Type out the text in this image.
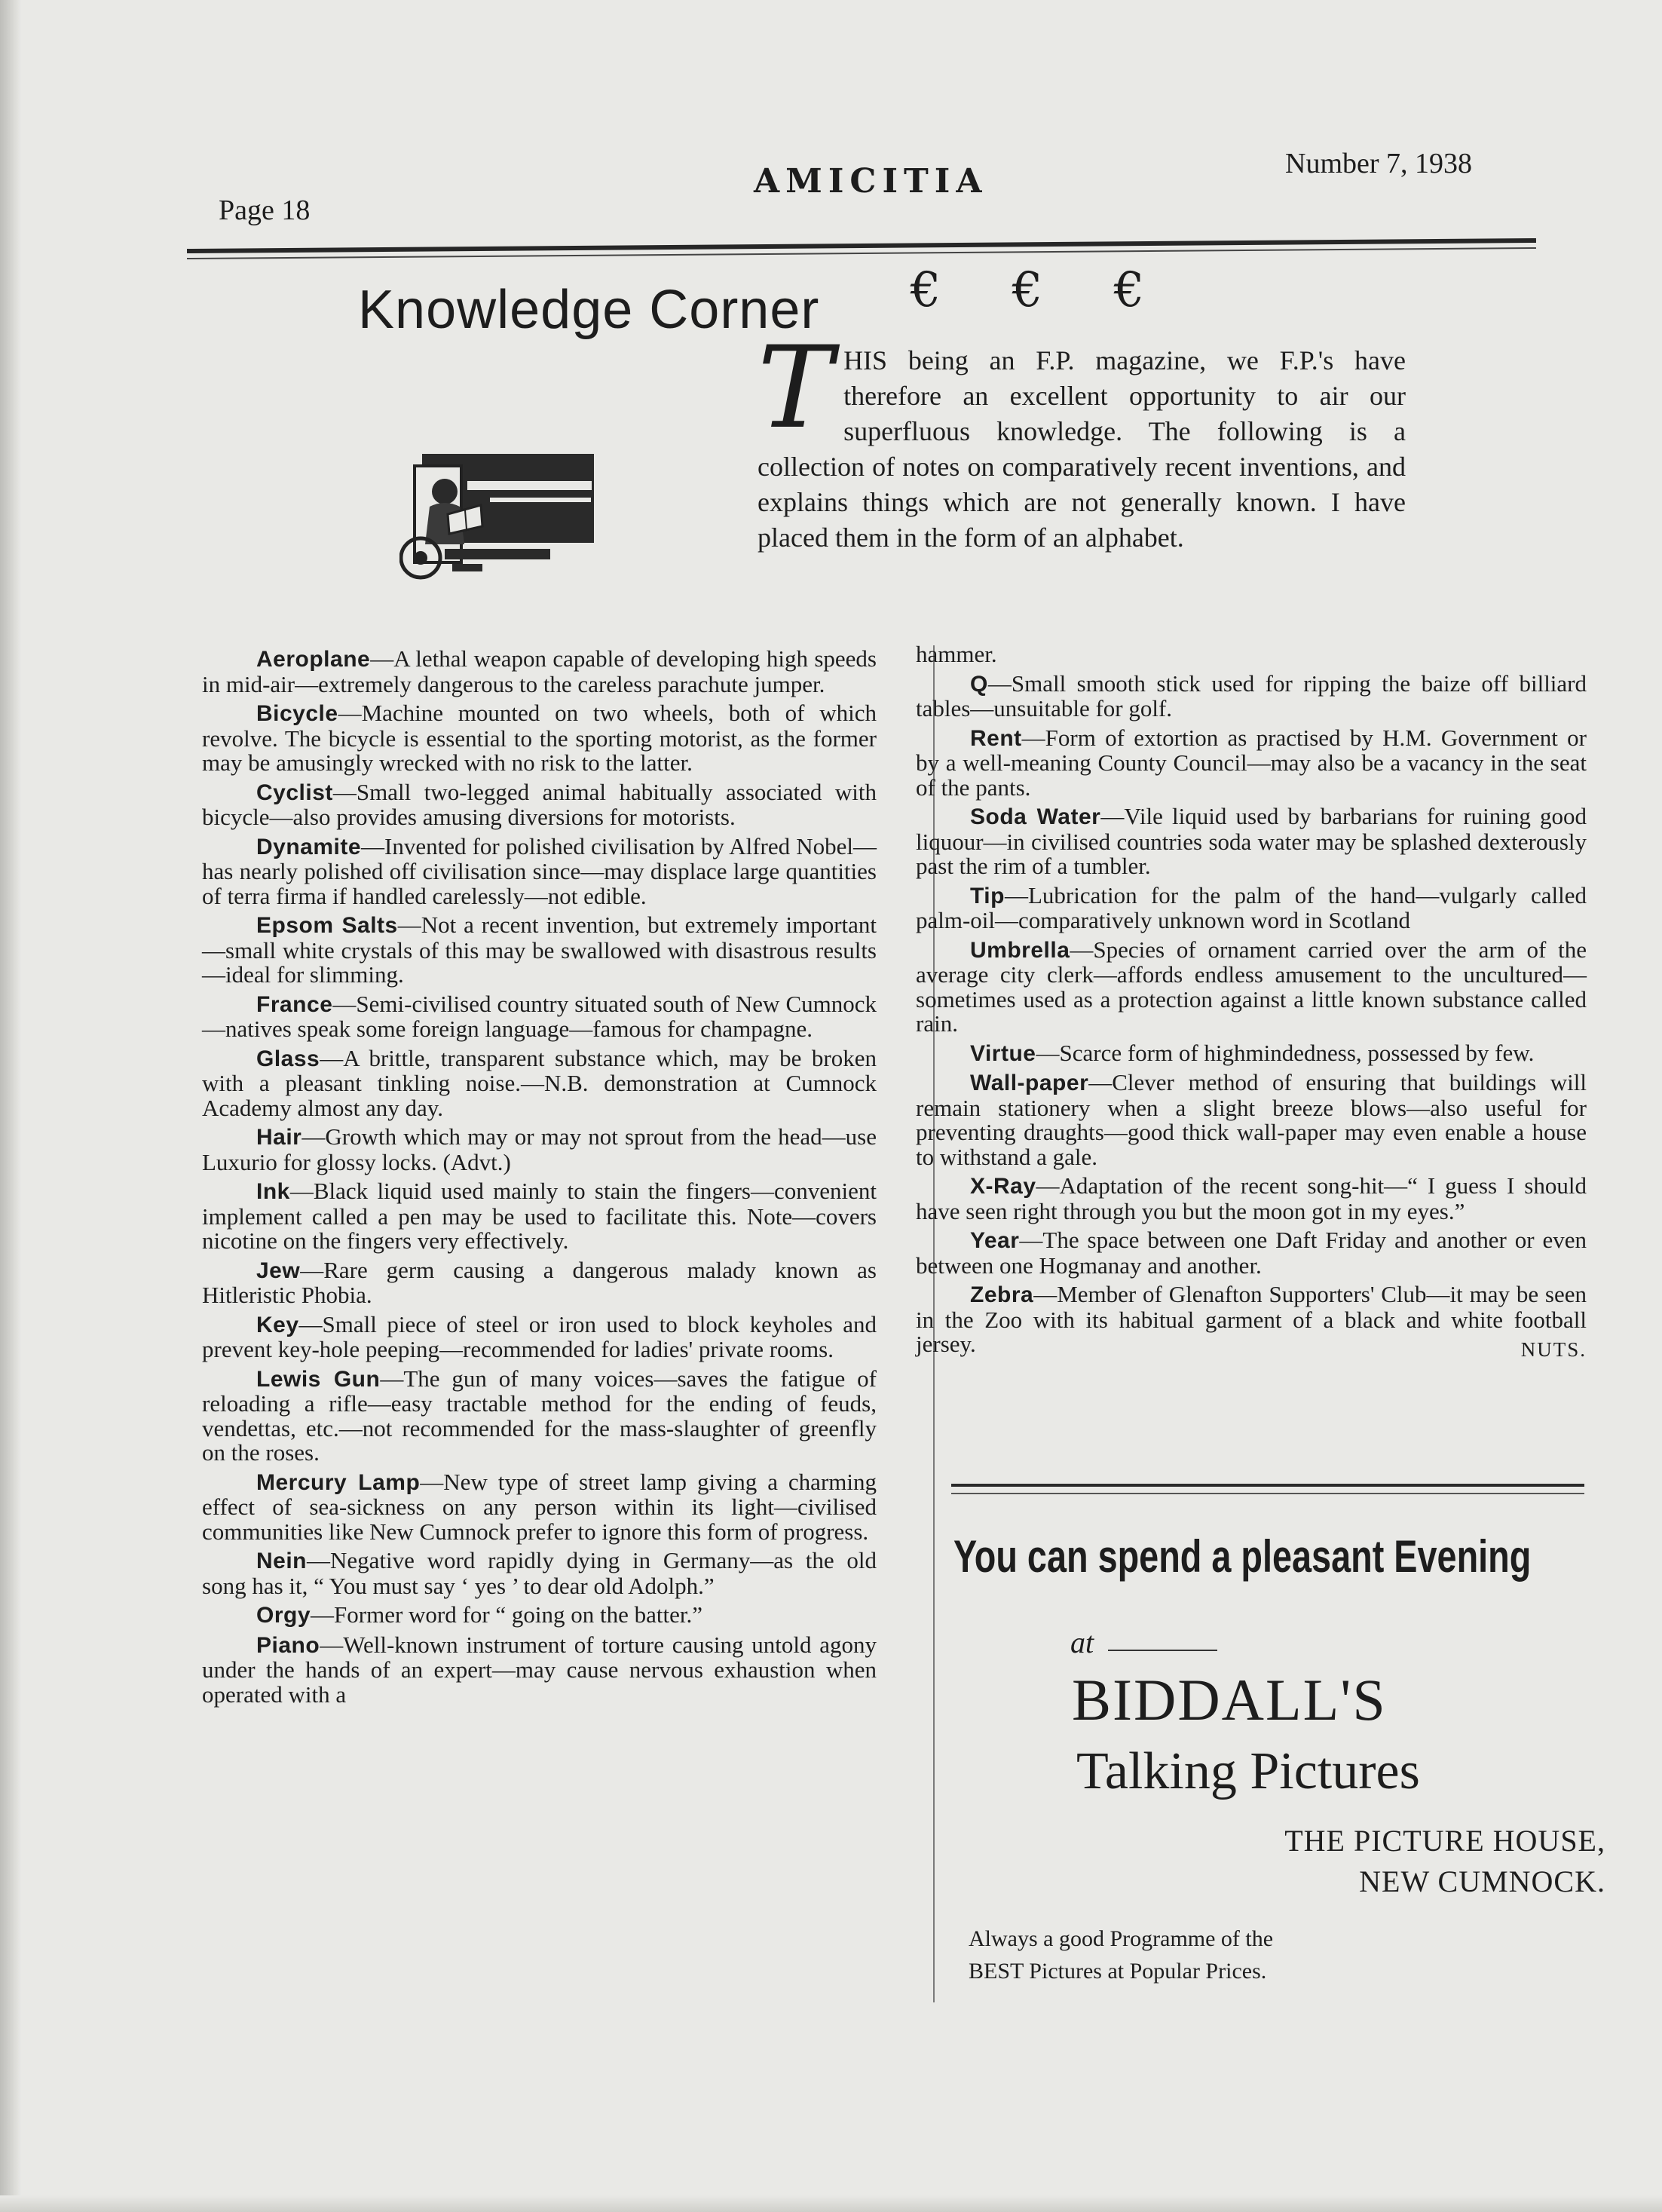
Page 18
AMICITIA	Number 7, 1938
Knowledge Corner € € €
T HIS being an F.P. magazine, we F.P.'s have therefore an excellent opportunity to air our superfluous knowledge. The following is a collection of notes on comparatively recent inventions, and explains things which are not generally known. I have placed them in the form of an alphabet.

Aeroplane—A lethal weapon capable of developing high speeds in mid-air—extremely dangerous to the careless parachute jumper.

Bicycle—Machine mounted on two wheels, both of which revolve. The bicycle is essential to the sporting motorist, as the former may be amusingly wrecked with no risk to the latter.

Cyclist—Small two-legged animal habitually associated with bicycle—also provides amusing diversions for motorists.

Dynamite—Invented for polished civilisation by Alfred Nobel—has nearly polished off civilisation since—may displace large quantities of terra firma if handled carelessly—not edible.

Epsom Salts—Not a recent invention, but extremely important—small white crystals of this may be swallowed with disastrous results—ideal for slimming.

France—Semi-civilised country situated south of New Cumnock—natives speak some foreign language—famous for champagne.

Glass—A brittle, transparent substance which, may be broken with a pleasant tinkling noise.—N.B. demonstration at Cumnock Academy almost any day.

Hair—Growth which may or may not sprout from the head—use Luxurio for glossy locks. (Advt.)

Ink—Black liquid used mainly to stain the fingers—convenient implement called a pen may be used to facilitate this. Note—covers nicotine on the fingers very effectively.

Jew—Rare germ causing a dangerous malady known as Hitleristic Phobia.

Key—Small piece of steel or iron used to block keyholes and prevent key-hole peeping—recommended for ladies' private rooms.

Lewis Gun—The gun of many voices—saves the fatigue of reloading a rifle—easy tractable method for the ending of feuds, vendettas, etc.—not recommended for the mass-slaughter of greenfly on the roses.

Mercury Lamp—New type of street lamp giving a charming effect of sea-sickness on any person within its light—civilised communities like New Cumnock prefer to ignore this form of progress.

Nein—Negative word rapidly dying in Germany—as the old song has it, “ You must say ‘ yes ’ to dear old Adolph.”

Orgy—Former word for “ going on the batter.”

Piano—Well-known instrument of torture causing untold agony under the hands of an expert—may cause nervous exhaustion when operated with a

hammer.

Q—Small smooth stick used for ripping the baize off billiard tables—unsuitable for golf.

Rent—Form of extortion as practised by H.M. Government or by a well-meaning County Council—may also be a vacancy in the seat of the pants.

Soda Water—Vile liquid used by barbarians for ruining good liquour—in civilised countries soda water may be splashed dexterously past the rim of a tumbler.

Tip—Lubrication for the palm of the hand—vulgarly called palm-oil—comparatively unknown word in Scotland

Umbrella—Species of ornament carried over the arm of the average city clerk—affords endless amusement to the uncultured—sometimes used as a protection against a little known substance called rain.

Virtue—Scarce form of highmindedness, possessed by few.

Wall-paper—Clever method of ensuring that buildings will remain stationery when a slight breeze blows—also useful for preventing draughts—good thick wall-paper may even enable a house to withstand a gale.

X-Ray—Adaptation of the recent song-hit—“ I guess I should have seen right through you but the moon got in my eyes.”

Year—The space between one Daft Friday and another or even between one Hogmanay and another.

Zebra—Member of Glenafton Supporters' Club—it may be seen in the Zoo with its habitual garment of a black and white football jersey.	NUTS.

You can spend a pleasant Evening
at
BIDDALL'S
Talking Pictures
THE PICTURE HOUSE,
NEW CUMNOCK.
Always a good Programme of the
BEST Pictures at Popular Prices.
